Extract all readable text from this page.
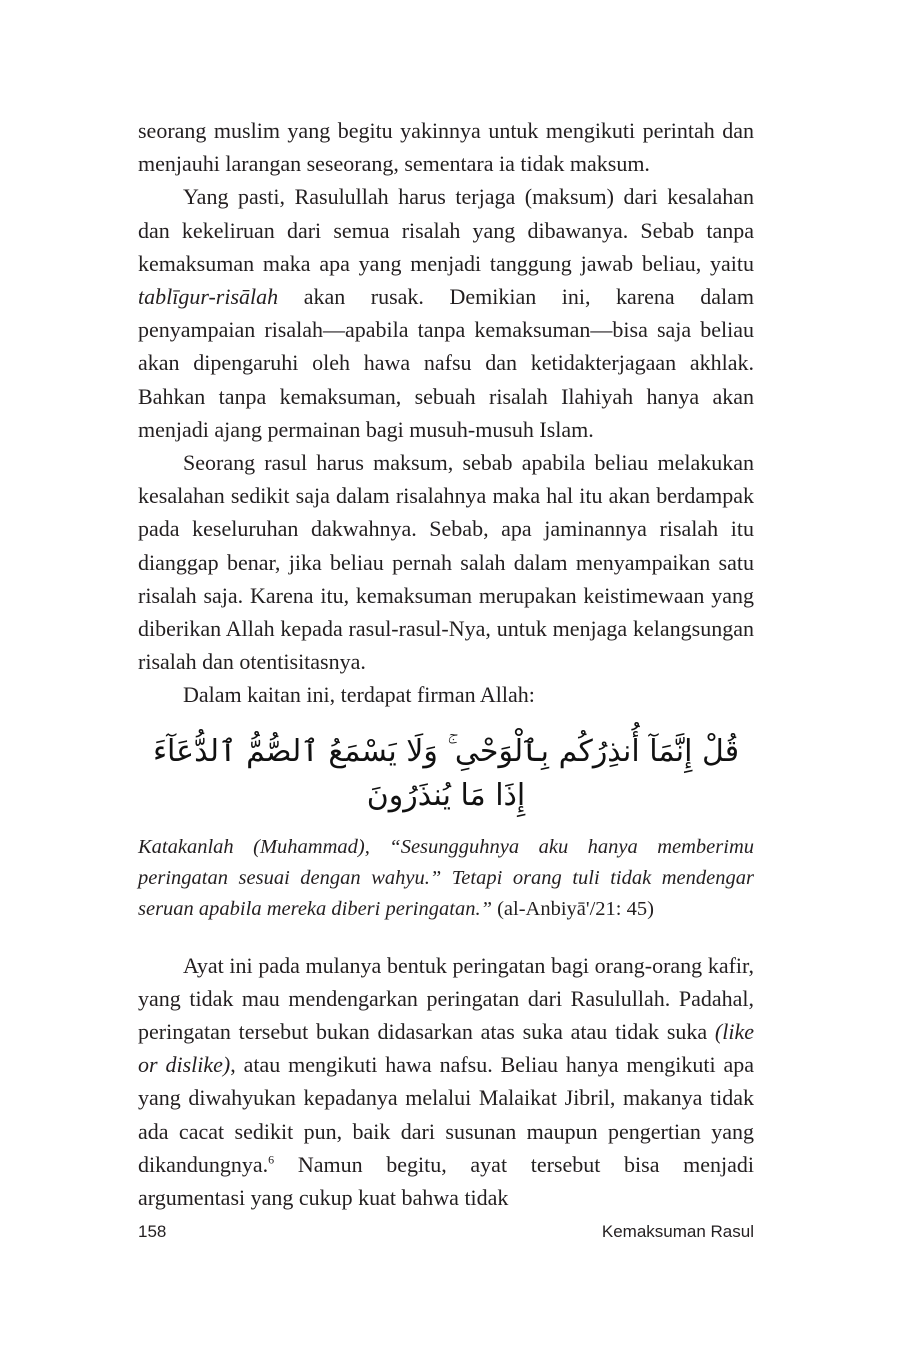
seorang muslim yang begitu yakinnya untuk mengikuti perintah dan menjauhi larangan seseorang, sementara ia tidak maksum.

Yang pasti, Rasulullah harus terjaga (maksum) dari kesalahan dan kekeliruan dari semua risalah yang dibawanya. Sebab tanpa kemaksuman maka apa yang menjadi tanggung jawab beliau, yaitu tablīgur-risālah akan rusak. Demikian ini, karena dalam penyampaian risalah—apabila tanpa kemaksuman—bisa saja beliau akan dipengaruhi oleh hawa nafsu dan ketidakterjagaan akhlak. Bahkan tanpa kemaksuman, sebuah risalah Ilahiyah hanya akan menjadi ajang permainan bagi musuh-musuh Islam.

Seorang rasul harus maksum, sebab apabila beliau melakukan kesalahan sedikit saja dalam risalahnya maka hal itu akan berdampak pada keseluruhan dakwahnya. Sebab, apa jaminannya risalah itu dianggap benar, jika beliau pernah salah dalam menyampaikan satu risalah saja. Karena itu, kemaksuman merupakan keistimewaan yang diberikan Allah kepada rasul-rasul-Nya, untuk menjaga kelangsungan risalah dan otentisitasnya.

Dalam kaitan ini, terdapat firman Allah:

قُلْ إِنَّمَآ أُنذِرُكُم بِٱلْوَحْىِ ۚ وَلَا يَسْمَعُ ٱلصُّمُّ ٱلدُّعَآءَ إِذَا مَا يُنذَرُونَ

Katakanlah (Muhammad), “Sesungguhnya aku hanya memberimu peringatan sesuai dengan wahyu.” Tetapi orang tuli tidak mendengar seruan apabila mereka diberi peringatan.” (al-Anbiyā'/21: 45)

Ayat ini pada mulanya bentuk peringatan bagi orang-orang kafir, yang tidak mau mendengarkan peringatan dari Rasulullah. Padahal, peringatan tersebut bukan didasarkan atas suka atau tidak suka (like or dislike), atau mengikuti hawa nafsu. Beliau hanya mengikuti apa yang diwahyukan kepadanya melalui Malaikat Jibril, makanya tidak ada cacat sedikit pun, baik dari susunan maupun pengertian yang dikandungnya.$^6$ Namun begitu, ayat tersebut bisa menjadi argumentasi yang cukup kuat bahwa tidak

158	Kemaksuman Rasul
